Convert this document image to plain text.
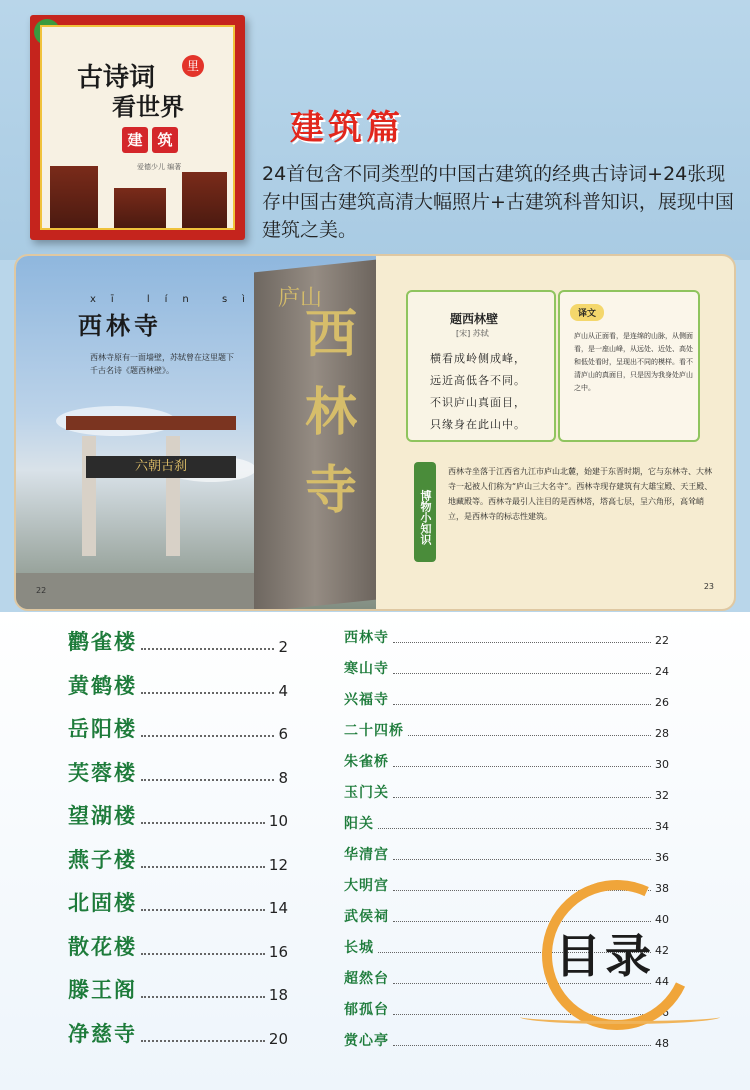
古诗词	里
看世界
建 筑
爱德少儿 编著
建筑篇
24首包含不同类型的中国古建筑的经典古诗词+24张现存中国古建筑高清大幅照片+古建筑科普知识，展现中国建筑之美。
六朝古刹
庐山
西林寺
xī lín sì
西林寺
西林寺原有一面墙壁，苏轼曾在这里题下千古名诗《题西林壁》。
22
题西林壁
[宋] 苏轼
横看成岭侧成峰，
远近高低各不同。
不识庐山真面目，
只缘身在此山中。
译文
庐山从正面看，是连绵的山脉，从侧面看，是一座山峰，从远处、近处、高处和低处看时，呈现出不同的模样。看不清庐山的真面目，只是因为我身处庐山之中。
博物小知识
西林寺坐落于江西省九江市庐山北麓，始建于东晋时期，它与东林寺、大林寺一起被人们称为“庐山三大名寺”。西林寺现存建筑有大雄宝殿、天王殿、地藏殿等。西林寺最引人注目的是西林塔，塔高七层，呈六角形，高耸峭立，是西林寺的标志性建筑。
23
鹳雀楼	2
黄鹤楼	4
岳阳楼	6
芙蓉楼	8
望湖楼	10
燕子楼	12
北固楼	14
散花楼	16
滕王阁	18
净慈寺	20
西林寺	22
寒山寺	24
兴福寺	26
二十四桥	28
朱雀桥	30
玉门关	32
阳关	34
华清宫	36
大明宫	38
武侯祠	40
长城	42
超然台	44
郁孤台	46
赏心亭	48
目录
